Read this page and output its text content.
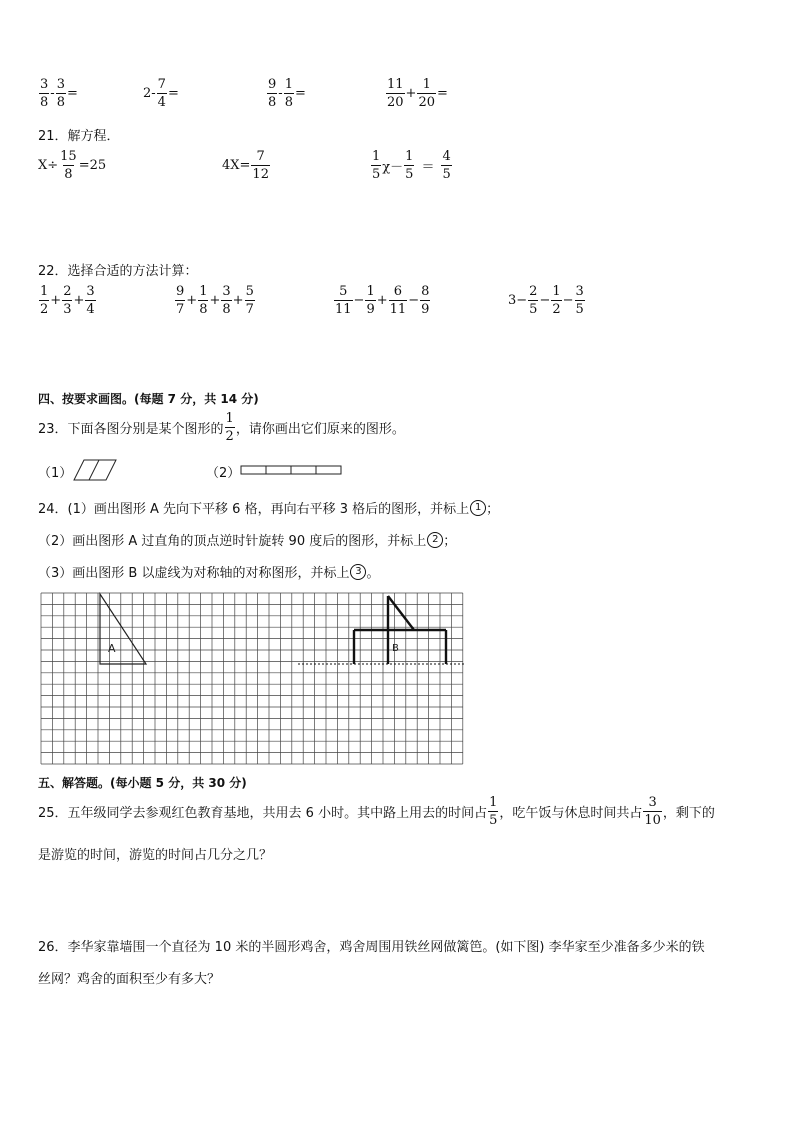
$\frac{3}{8} - \frac{3}{8}$ =	$2- \frac{7}{4}$ =	$\frac{9}{8} - \frac{1}{8}$ =	$\frac{11}{20} + \frac{1}{20}$ =
21．解方程．
$X\div \frac{15}{8} =25$	$4X= \frac{7}{12}$	$\frac{1}{5} \chi- \frac{1}{5} = \frac{4}{5}$
22．选择合适的方法计算：
$\frac{1}{2} + \frac{2}{3} + \frac{3}{4}$	$\frac{9}{7} + \frac{1}{8} + \frac{3}{8} + \frac{5}{7}$	$\frac{5}{11} - \frac{1}{9} + \frac{6}{11} - \frac{8}{9}$	$3- \frac{2}{5} - \frac{1}{2} - \frac{3}{5}$
四、按要求画图。(每题 7 分，共 14 分)
23．下面各图分别是某个图形的 $\frac{1}{2}$ ，请你画出它们原来的图形。
（1）	（2）
24．(1）画出图形 A 先向下平移 6 格，再向右平移 3 格后的图形，并标上 1 ；
（2）画出图形 A 过直角的顶点逆时针旋转 90 度后的图形，并标上 2 ；
（3）画出图形 B 以虚线为对称轴的对称图形，并标上 3 。
A	B
五、解答题。(每小题 5 分，共 30 分)
25．五年级同学去参观红色教育基地，共用去 6 小时。其中路上用去的时间占 $\frac{1}{5}$ ，吃午饭与休息时间共占 $\frac{3}{10}$ ，剩下的
是游览的时间，游览的时间占几分之几？
26．李华家靠墙围一个直径为 10 米的半圆形鸡舍，鸡舍周围用铁丝网做篱笆。(如下图) 李华家至少准备多少米的铁
丝网？鸡舍的面积至少有多大？
